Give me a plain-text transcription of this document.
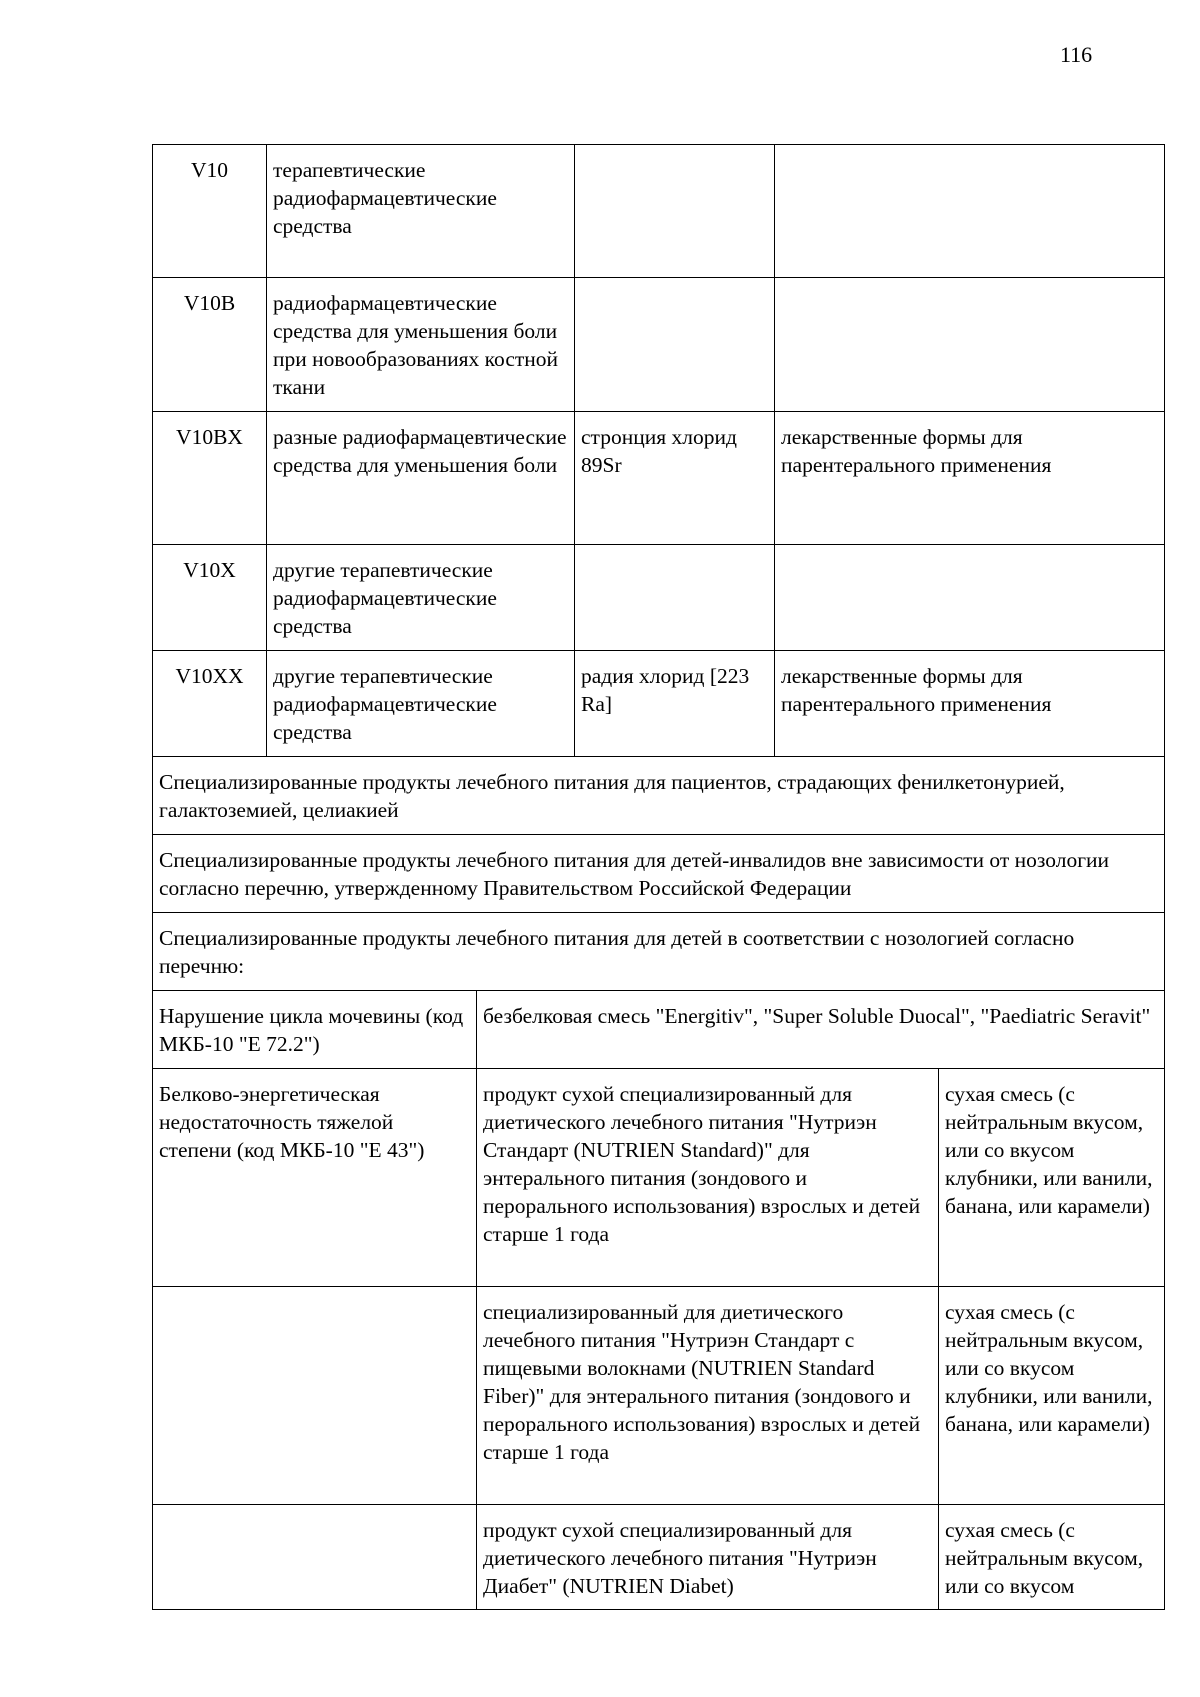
116
V10	терапевтические радиофармацевтические средства				
V10B	радиофармацевтические средства для уменьшения боли при новообразованиях костной ткани				
V10BX	разные радиофармацевтические средства для уменьшения боли		стронция хлорид 89Sr	лекарственные формы для парентерального применения	
V10X	другие терапевтические радиофармацевтические средства				
V10XX	другие терапевтические радиофармацевтические средства		радия хлорид [223 Ra]	лекарственные формы для парентерального применения	
Специализированные продукты лечебного питания для пациентов, страдающих фенилкетонурией, галактоземией, целиакией					
Специализированные продукты лечебного питания для детей-инвалидов вне зависимости от нозологии согласно перечню, утвержденному Правительством Российской Федерации					
Специализированные продукты лечебного питания для детей в соответствии с нозологией согласно перечню:					
Нарушение цикла мочевины (код МКБ-10 "Е 72.2")		безбелковая смесь "Energitiv", "Super Soluble Duocal", "Paediatric Seravit"			
Белково-энергетическая недостаточность тяжелой степени (код МКБ-10 "Е 43")		продукт сухой специализированный для диетического лечебного питания "Нутриэн Стандарт (NUTRIEN Standard)" для энтерального питания (зондового и перорального использования) взрослых и детей старше 1 года			сухая смесь (с нейтральным вкусом, или со вкусом клубники, или ванили, банана, или карамели)
		специализированный для диетического лечебного питания "Нутриэн Стандарт с пищевыми волокнами (NUTRIEN Standard Fiber)" для энтерального питания (зондового и перорального использования) взрослых и детей старше 1 года			сухая смесь (с нейтральным вкусом, или со вкусом клубники, или ванили, банана, или карамели)
		продукт сухой специализированный для диетического лечебного питания "Нутриэн Диабет" (NUTRIEN Diabet)			сухая смесь (с нейтральным вкусом, или со вкусом
